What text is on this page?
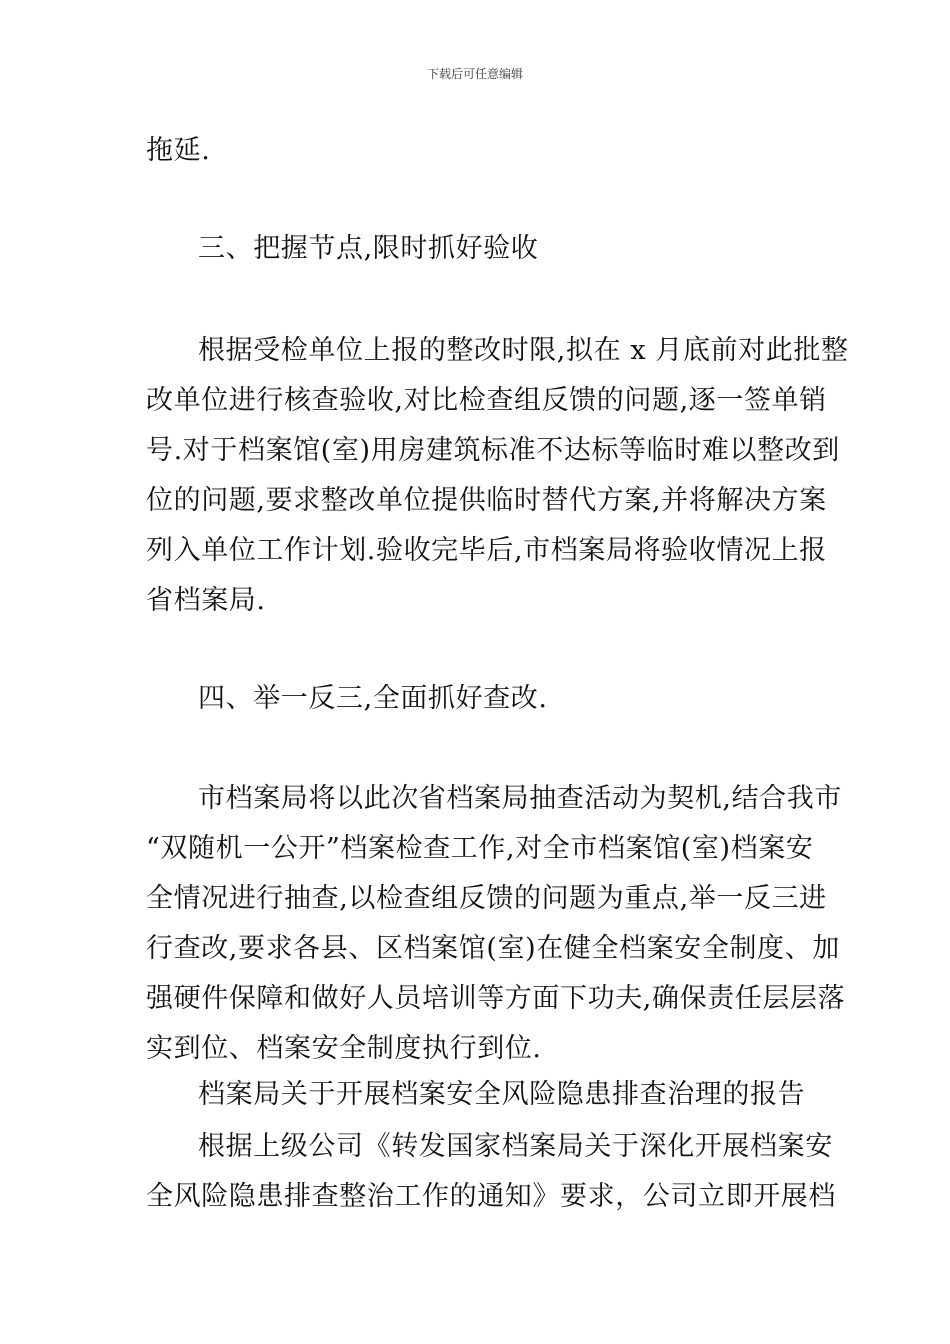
下载后可任意编辑
拖延.
三、把握节点,限时抓好验收
根据受检单位上报的整改时限,拟在 x 月底前对此批整
改单位进行核查验收,对比检查组反馈的问题,逐一签单销
号.对于档案馆(室)用房建筑标准不达标等临时难以整改到
位的问题,要求整改单位提供临时替代方案,并将解决方案
列入单位工作计划.验收完毕后,市档案局将验收情况上报
省档案局.
四、举一反三,全面抓好查改.
市档案局将以此次省档案局抽查活动为契机,结合我市
“双随机一公开”档案检查工作,对全市档案馆(室)档案安
全情况进行抽查,以检查组反馈的问题为重点,举一反三进
行查改,要求各县、区档案馆(室)在健全档案安全制度、加
强硬件保障和做好人员培训等方面下功夫,确保责任层层落
实到位、档案安全制度执行到位.
档案局关于开展档案安全风险隐患排查治理的报告
根据上级公司《转发国家档案局关于深化开展档案安
全风险隐患排查整治工作的通知》要求，公司立即开展档
